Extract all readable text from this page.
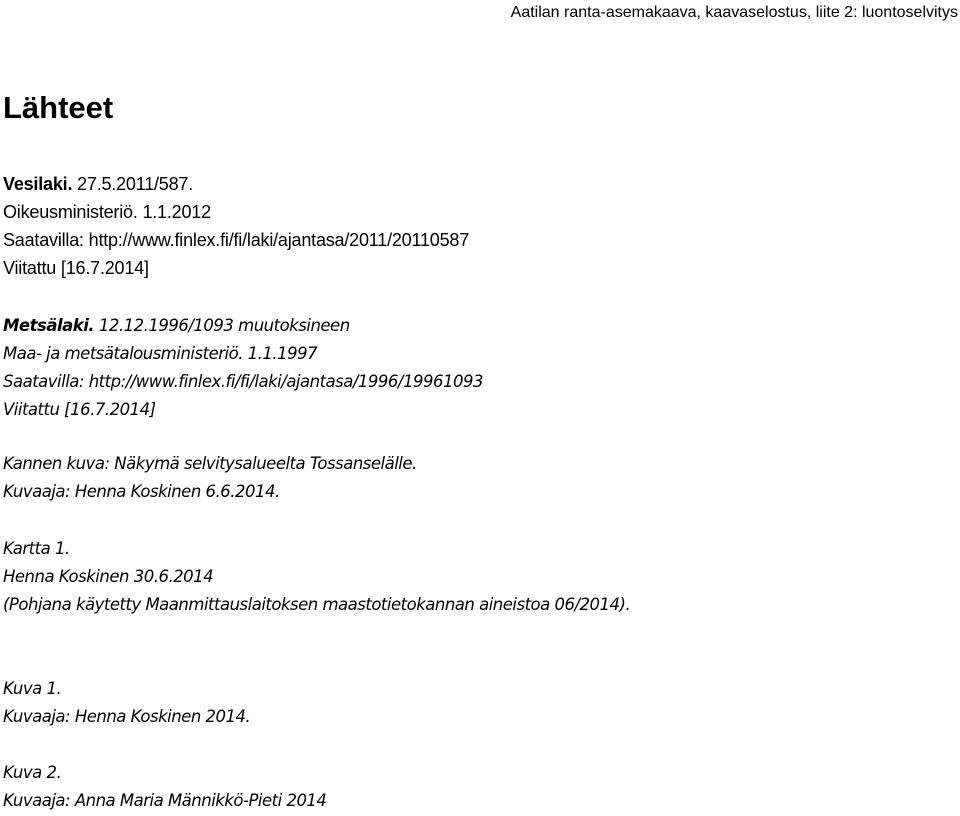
Aatilan ranta-asemakaava, kaavaselostus, liite 2: luontoselvitys
Lähteet
Vesilaki. 27.5.2011/587.
Oikeusministeriö. 1.1.2012
Saatavilla: http://www.finlex.fi/fi/laki/ajantasa/2011/20110587
Viitattu [16.7.2014]
Metsälaki. 12.12.1996/1093 muutoksineen
Maa- ja metsätalousministeriö. 1.1.1997
Saatavilla: http://www.finlex.fi/fi/laki/ajantasa/1996/19961093
Viitattu [16.7.2014]
Kannen kuva: Näkymä selvitysalueelta Tossanselälle.
Kuvaaja: Henna Koskinen 6.6.2014.
Kartta 1.
Henna Koskinen 30.6.2014
(Pohjana käytetty Maanmittauslaitoksen maastotietokannan aineistoa 06/2014).
Kuva 1.
Kuvaaja: Henna Koskinen 2014.
Kuva 2.
Kuvaaja: Anna Maria Männikkö-Pieti 2014
